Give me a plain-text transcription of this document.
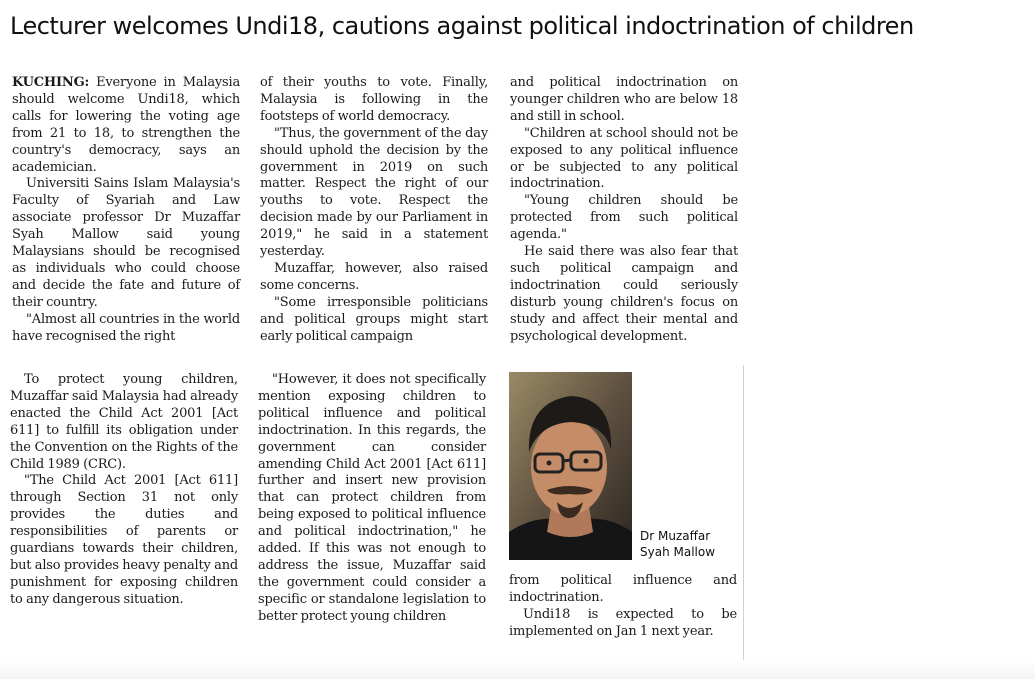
Lecturer welcomes Undi18, cautions against political indoctrination of children

KUCHING: Everyone in Malaysia should welcome Undi18, which calls for lowering the voting age from 21 to 18, to strengthen the country's democracy, says an academician.

Universiti Sains Islam Malaysia's Faculty of Syariah and Law associate professor Dr Muzaffar Syah Mallow said young Malaysians should be recognised as individuals who could choose and decide the fate and future of their country.

"Almost all countries in the world have recognised the right

of their youths to vote. Finally, Malaysia is following in the footsteps of world democracy.

"Thus, the government of the day should uphold the decision by the government in 2019 on such matter. Respect the right of our youths to vote. Respect the decision made by our Parliament in 2019," he said in a statement yesterday.

Muzaffar, however, also raised some concerns.

"Some irresponsible politicians and political groups might start early political campaign

and political indoctrination on younger children who are below 18 and still in school.

"Children at school should not be exposed to any political influence or be subjected to any political indoctrination.

"Young children should be protected from such political agenda."

He said there was also fear that such political campaign and indoctrination could seriously disturb young children's focus on study and affect their mental and psychological development.

To protect young children, Muzaffar said Malaysia had already enacted the Child Act 2001 [Act 611] to fulfill its obligation under the Convention on the Rights of the Child 1989 (CRC).

"The Child Act 2001 [Act 611] through Section 31 not only provides the duties and responsibilities of parents or guardians towards their children, but also provides heavy penalty and punishment for exposing children to any dangerous situation.

"However, it does not specifically mention exposing children to political influence and political indoctrination. In this regards, the government can consider amending Child Act 2001 [Act 611] further and insert new provision that can protect children from being exposed to political influence and political indoctrination," he added. If this was not enough to address the issue, Muzaffar said the government could consider a specific or standalone legislation to better protect young children

Dr Muzaffar
Syah Mallow

from political influence and indoctrination.

Undi18 is expected to be implemented on Jan 1 next year.
